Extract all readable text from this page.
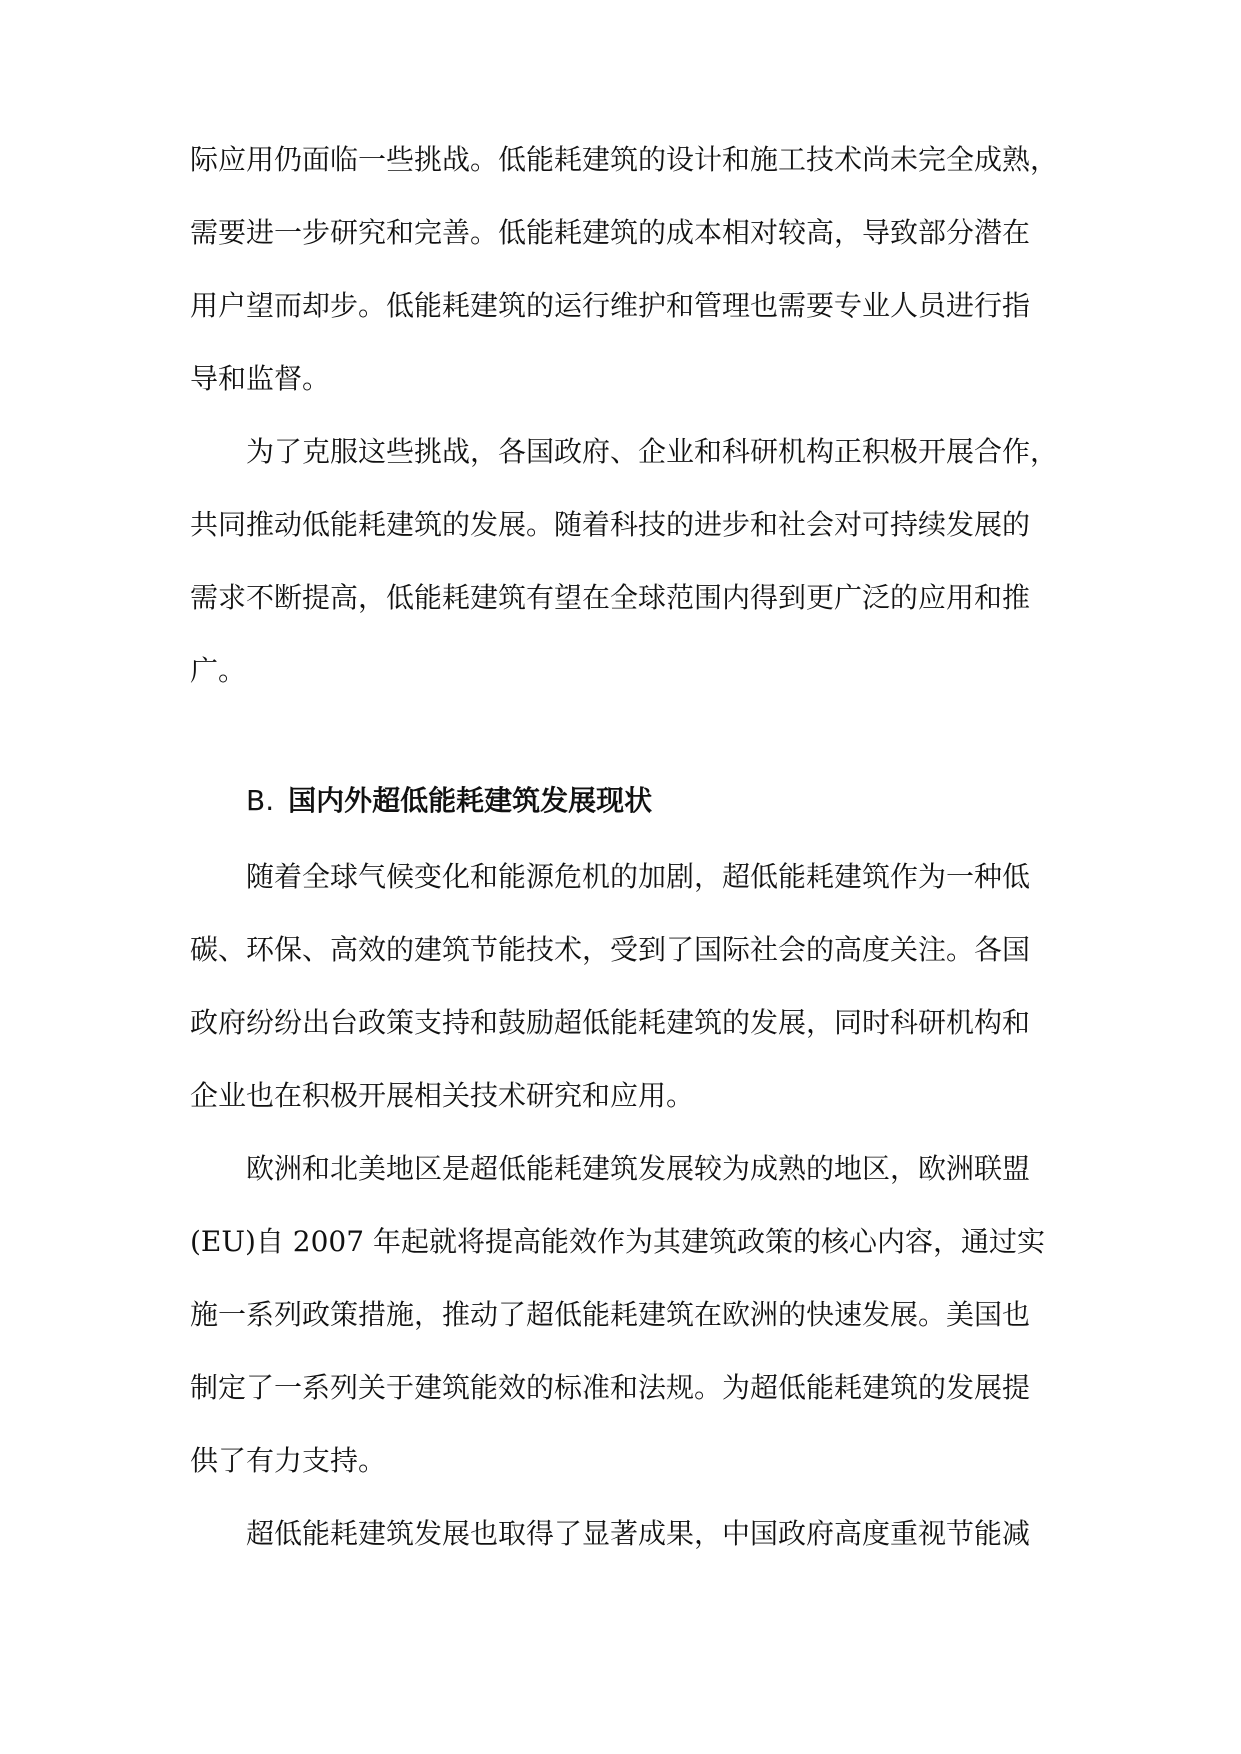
际应用仍面临一些挑战。低能耗建筑的设计和施工技术尚未完全成熟，
需要进一步研究和完善。低能耗建筑的成本相对较高，导致部分潜在
用户望而却步。低能耗建筑的运行维护和管理也需要专业人员进行指
导和监督。
为了克服这些挑战，各国政府、企业和科研机构正积极开展合作，
共同推动低能耗建筑的发展。随着科技的进步和社会对可持续发展的
需求不断提高，低能耗建筑有望在全球范围内得到更广泛的应用和推
广。
B. 国内外超低能耗建筑发展现状
随着全球气候变化和能源危机的加剧，超低能耗建筑作为一种低
碳、环保、高效的建筑节能技术，受到了国际社会的高度关注。各国
政府纷纷出台政策支持和鼓励超低能耗建筑的发展，同时科研机构和
企业也在积极开展相关技术研究和应用。
欧洲和北美地区是超低能耗建筑发展较为成熟的地区，欧洲联盟
(EU)自 2007 年起就将提高能效作为其建筑政策的核心内容，通过实
施一系列政策措施，推动了超低能耗建筑在欧洲的快速发展。美国也
制定了一系列关于建筑能效的标准和法规。为超低能耗建筑的发展提
供了有力支持。
超低能耗建筑发展也取得了显著成果，中国政府高度重视节能减
